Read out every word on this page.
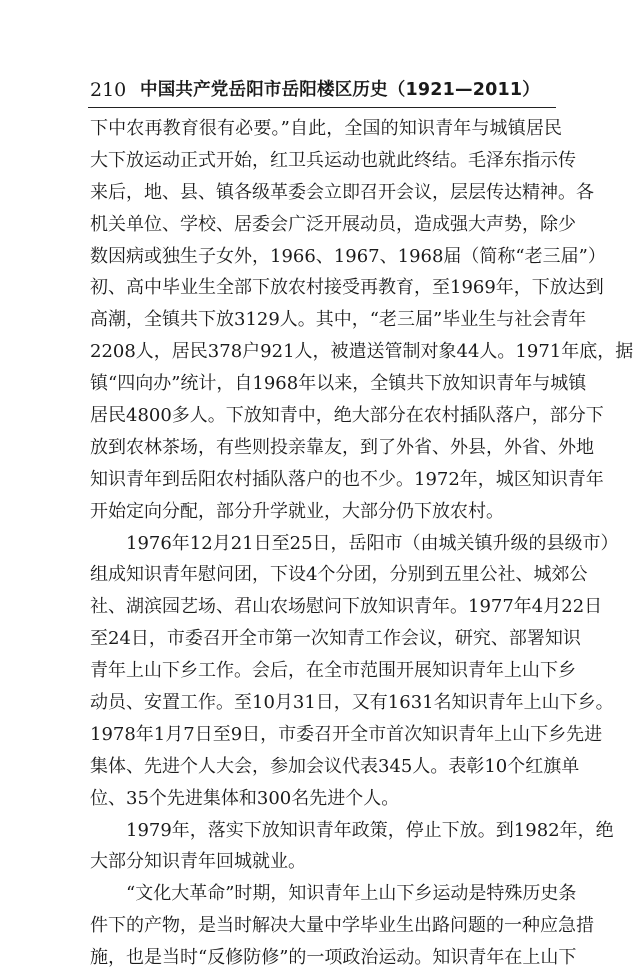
210 中国共产党岳阳市岳阳楼区历史（1921—2011）
下中农再教育很有必要。”自此，全国的知识青年与城镇居民
大下放运动正式开始，红卫兵运动也就此终结。毛泽东指示传
来后，地、县、镇各级革委会立即召开会议，层层传达精神。各
机关单位、学校、居委会广泛开展动员，造成强大声势，除少
数因病或独生子女外，1966、1967、1968届（简称“老三届”）
初、高中毕业生全部下放农村接受再教育，至1969年，下放达到
高潮，全镇共下放3129人。其中，“老三届”毕业生与社会青年
2208人，居民378户921人，被遣送管制对象44人。1971年底，据
镇“四向办”统计，自1968年以来，全镇共下放知识青年与城镇
居民4800多人。下放知青中，绝大部分在农村插队落户，部分下
放到农林茶场，有些则投亲靠友，到了外省、外县，外省、外地
知识青年到岳阳农村插队落户的也不少。1972年，城区知识青年
开始定向分配，部分升学就业，大部分仍下放农村。
1976年12月21日至25日，岳阳市（由城关镇升级的县级市）
组成知识青年慰问团，下设4个分团，分别到五里公社、城郊公
社、湖滨园艺场、君山农场慰问下放知识青年。1977年4月22日
至24日，市委召开全市第一次知青工作会议，研究、部署知识
青年上山下乡工作。会后，在全市范围开展知识青年上山下乡
动员、安置工作。至10月31日，又有1631名知识青年上山下乡。
1978年1月7日至9日，市委召开全市首次知识青年上山下乡先进
集体、先进个人大会，参加会议代表345人。表彰10个红旗单
位、35个先进集体和300名先进个人。
1979年，落实下放知识青年政策，停止下放。到1982年，绝
大部分知识青年回城就业。
“文化大革命”时期，知识青年上山下乡运动是特殊历史条
件下的产物，是当时解决大量中学毕业生出路问题的一种应急措
施，也是当时“反修防修”的一项政治运动。知识青年在上山下
